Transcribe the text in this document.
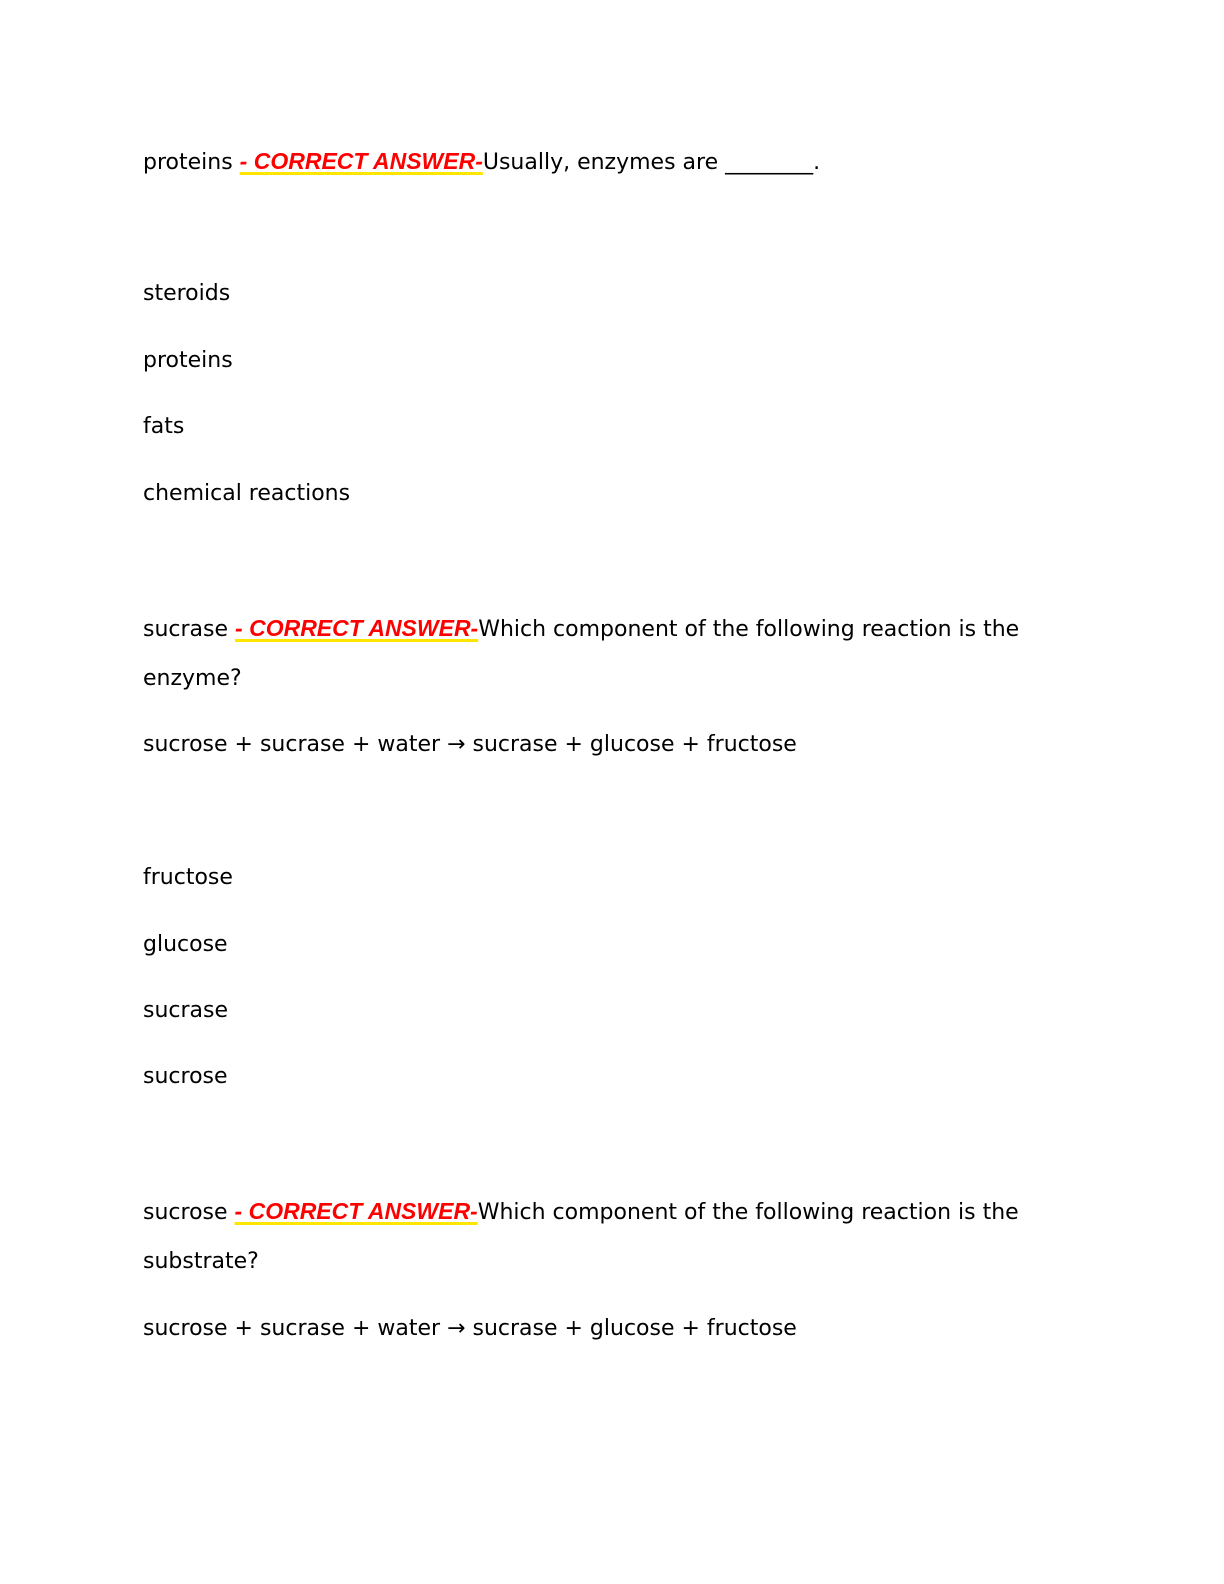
proteins - CORRECT ANSWER-Usually, enzymes are ________.
steroids
proteins
fats
chemical reactions
sucrase - CORRECT ANSWER-Which component of the following reaction is the
enzyme?
sucrose + sucrase + water → sucrase + glucose + fructose
fructose
glucose
sucrase
sucrose
sucrose - CORRECT ANSWER-Which component of the following reaction is the
substrate?
sucrose + sucrase + water → sucrase + glucose + fructose
